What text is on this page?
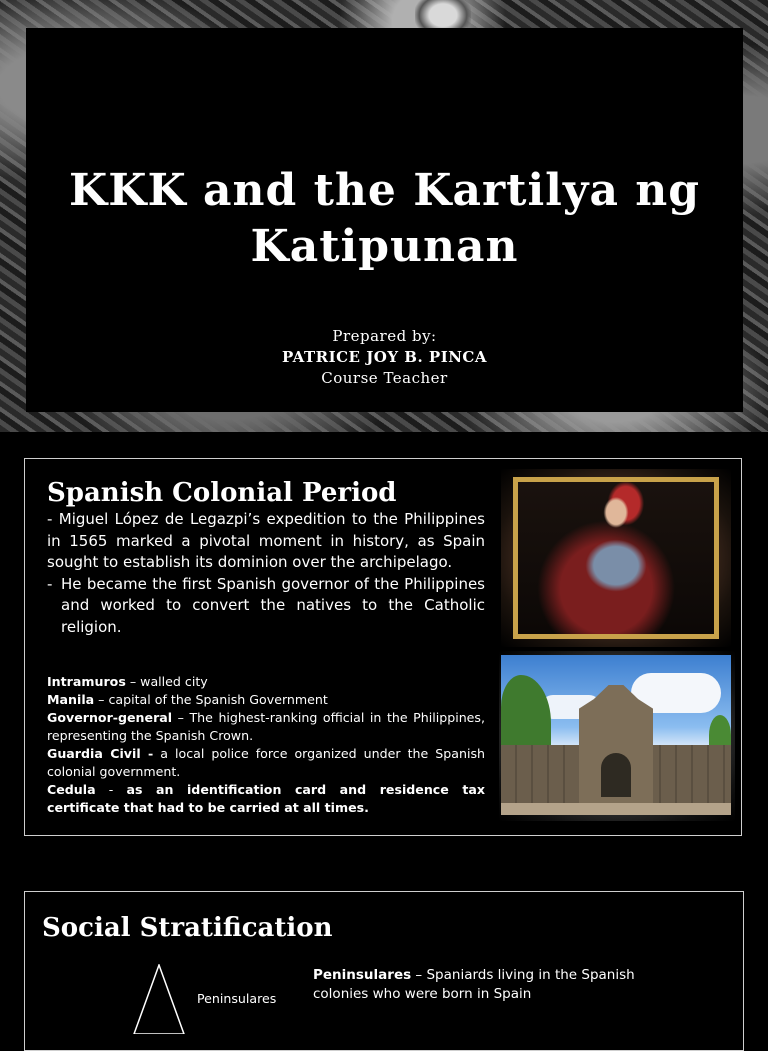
KKK and the Kartilya ng
Katipunan
Prepared by:
PATRICE JOY B. PINCA
Course Teacher
Spanish Colonial Period

- Miguel López de Legazpi’s expedition to the Philippines in 1565 marked a pivotal moment in history, as Spain sought to establish its dominion over the archipelago.

- He became the first Spanish governor of the Philippines and worked to convert the natives to the Catholic religion.

Intramuros – walled city

Manila – capital of the Spanish Government

Governor-general – The highest-ranking official in the Philippines, representing the Spanish Crown.

Guardia Civil - a local police force organized under the Spanish colonial government.

Cedula - as an identification card and residence tax certificate that had to be carried at all times.

Social Stratification
Peninsulares
Peninsulares – Spaniards living in the Spanish colonies who were born in Spain
